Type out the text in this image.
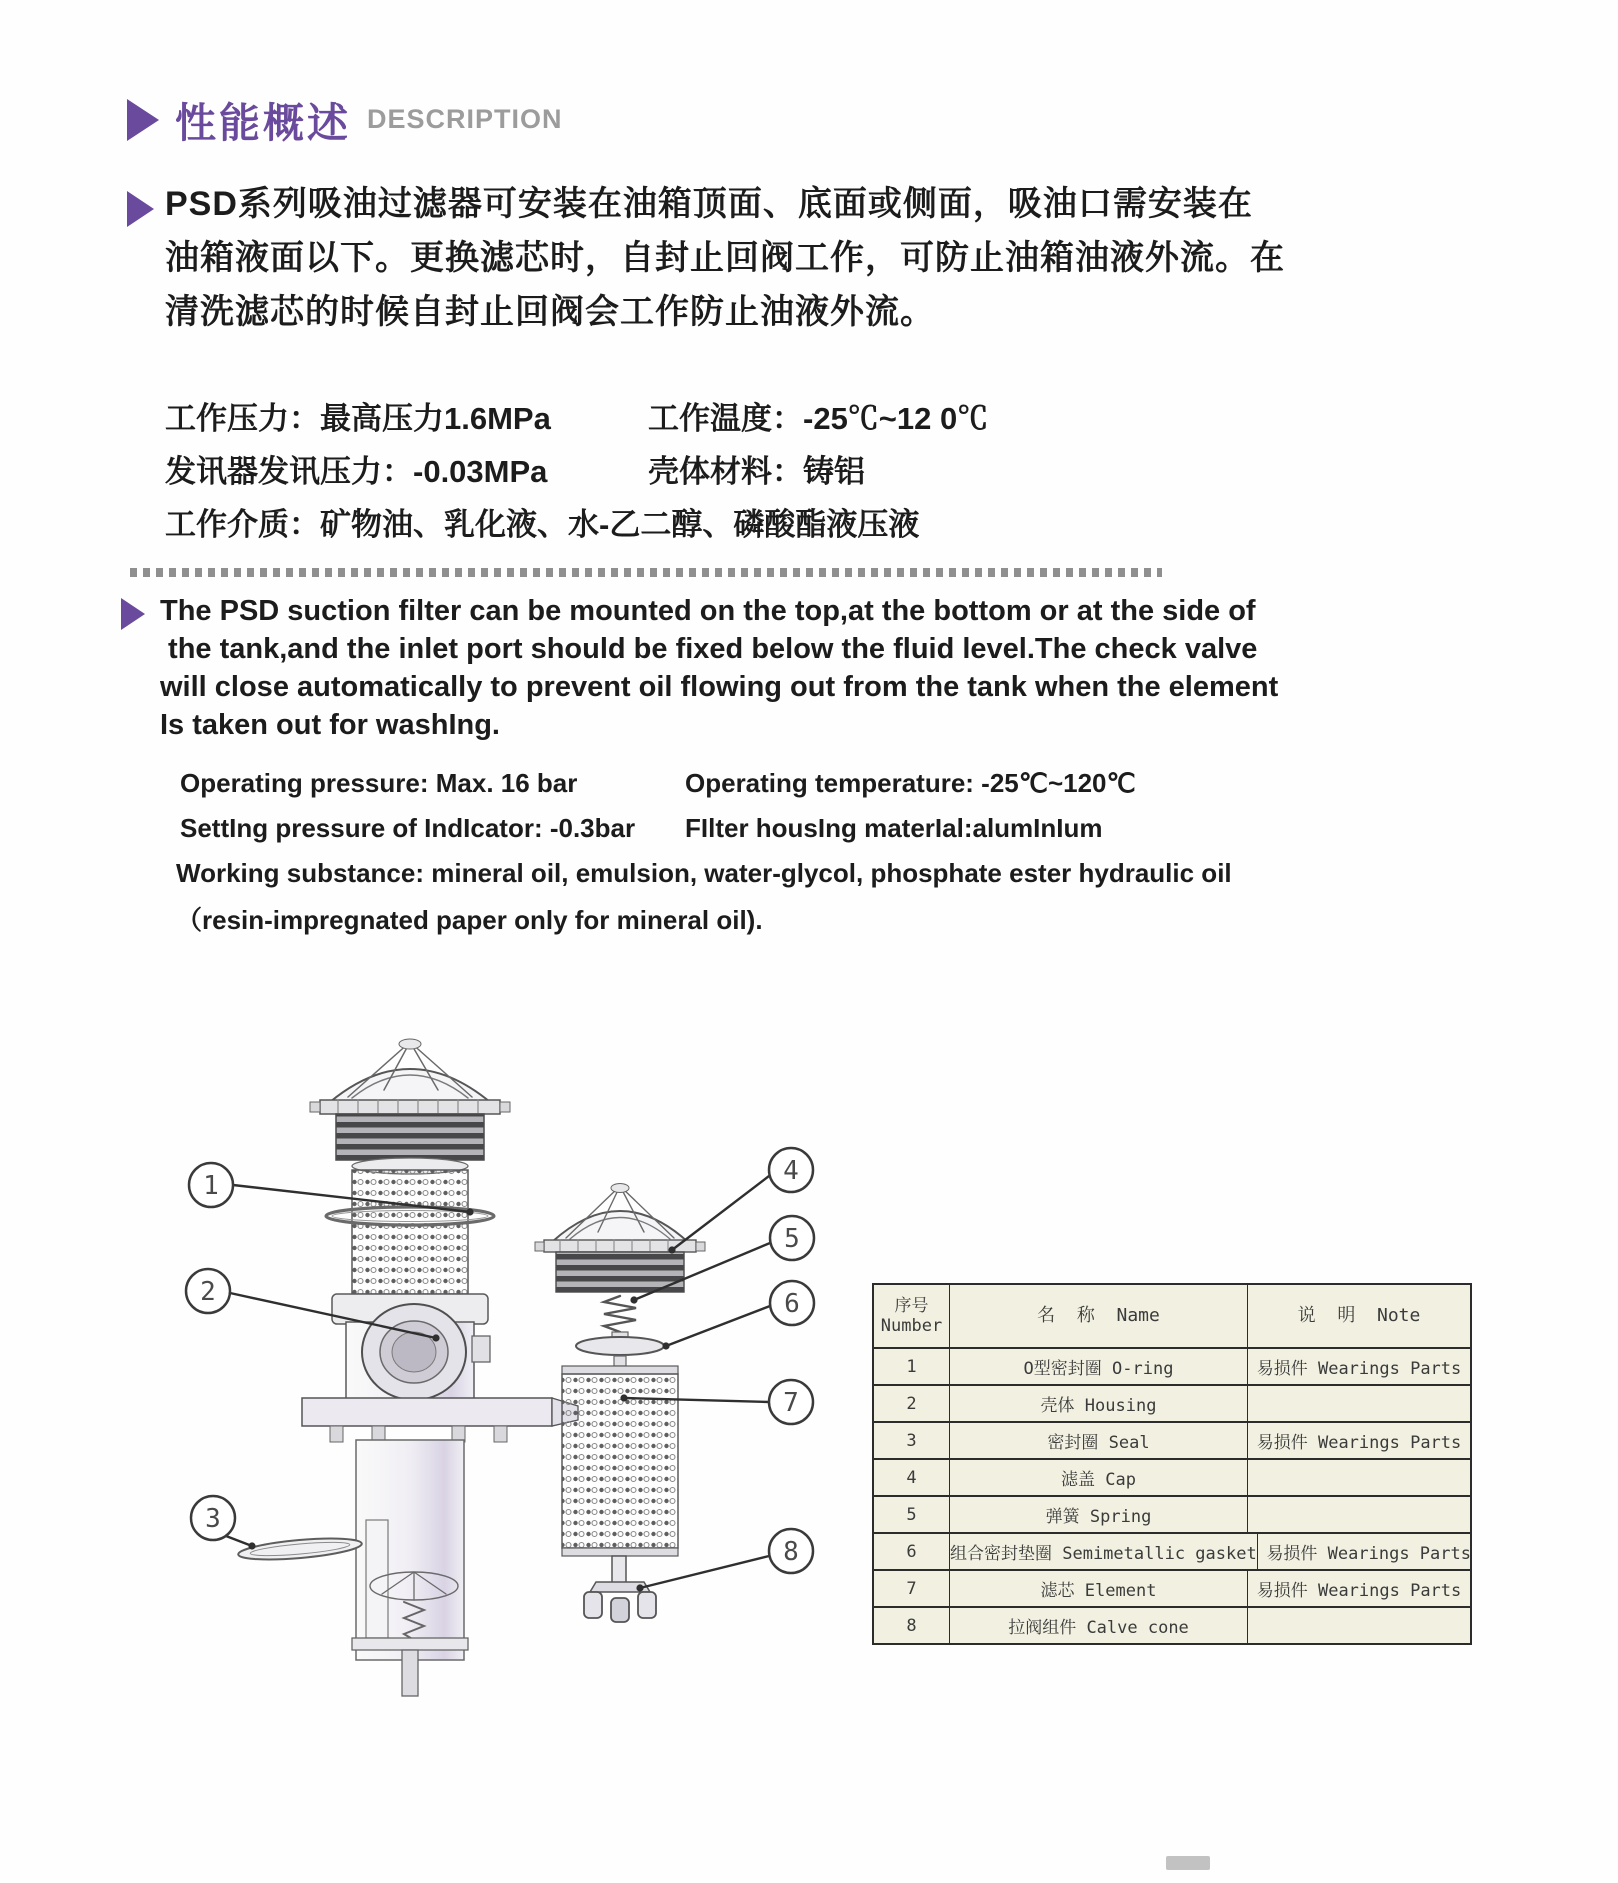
性能概述 DESCRIPTION
PSD系列吸油过滤器可安装在油箱顶面、底面或侧面，吸油口需安装在
油箱液面以下。更换滤芯时，自封止回阀工作，可防止油箱油液外流。在
清洗滤芯的时候自封止回阀会工作防止油液外流。
工作压力：最高压力1.6MPa	工作温度：-25℃~12 0℃
发讯器发讯压力：-0.03MPa	壳体材料：铸铝
工作介质：矿物油、乳化液、水-乙二醇、磷酸酯液压液
The PSD suction filter can be mounted on the top,at the bottom or at the side of
the tank,and the inlet port should be fixed below the fluid level.The check valve
will close automatically to prevent oil flowing out from the tank when the element
Is taken out for washIng.
Operating pressure: Max. 16 bar	Operating temperature: -25℃~120℃
SettIng pressure of IndIcator: -0.3bar FIlter housIng materIal:alumInIum
Working substance: mineral oil, emulsion, water-glycol, phosphate ester hydraulic oil
（resin-impregnated paper only for mineral oil).
1
2
3
4
5
6
7
8
序号
Number	名  称  Name	说  明  Note
1	O型密封圈 O-ring	易损件 Wearings Parts
2	壳体 Housing
3	密封圈 Seal	易损件 Wearings Parts
4	滤盖 Cap
5	弹簧 Spring
6	组合密封垫圈 Semimetallic gasket 易损件 Wearings Parts
7	滤芯 Element	易损件 Wearings Parts
8	拉阀组件 Calve cone
